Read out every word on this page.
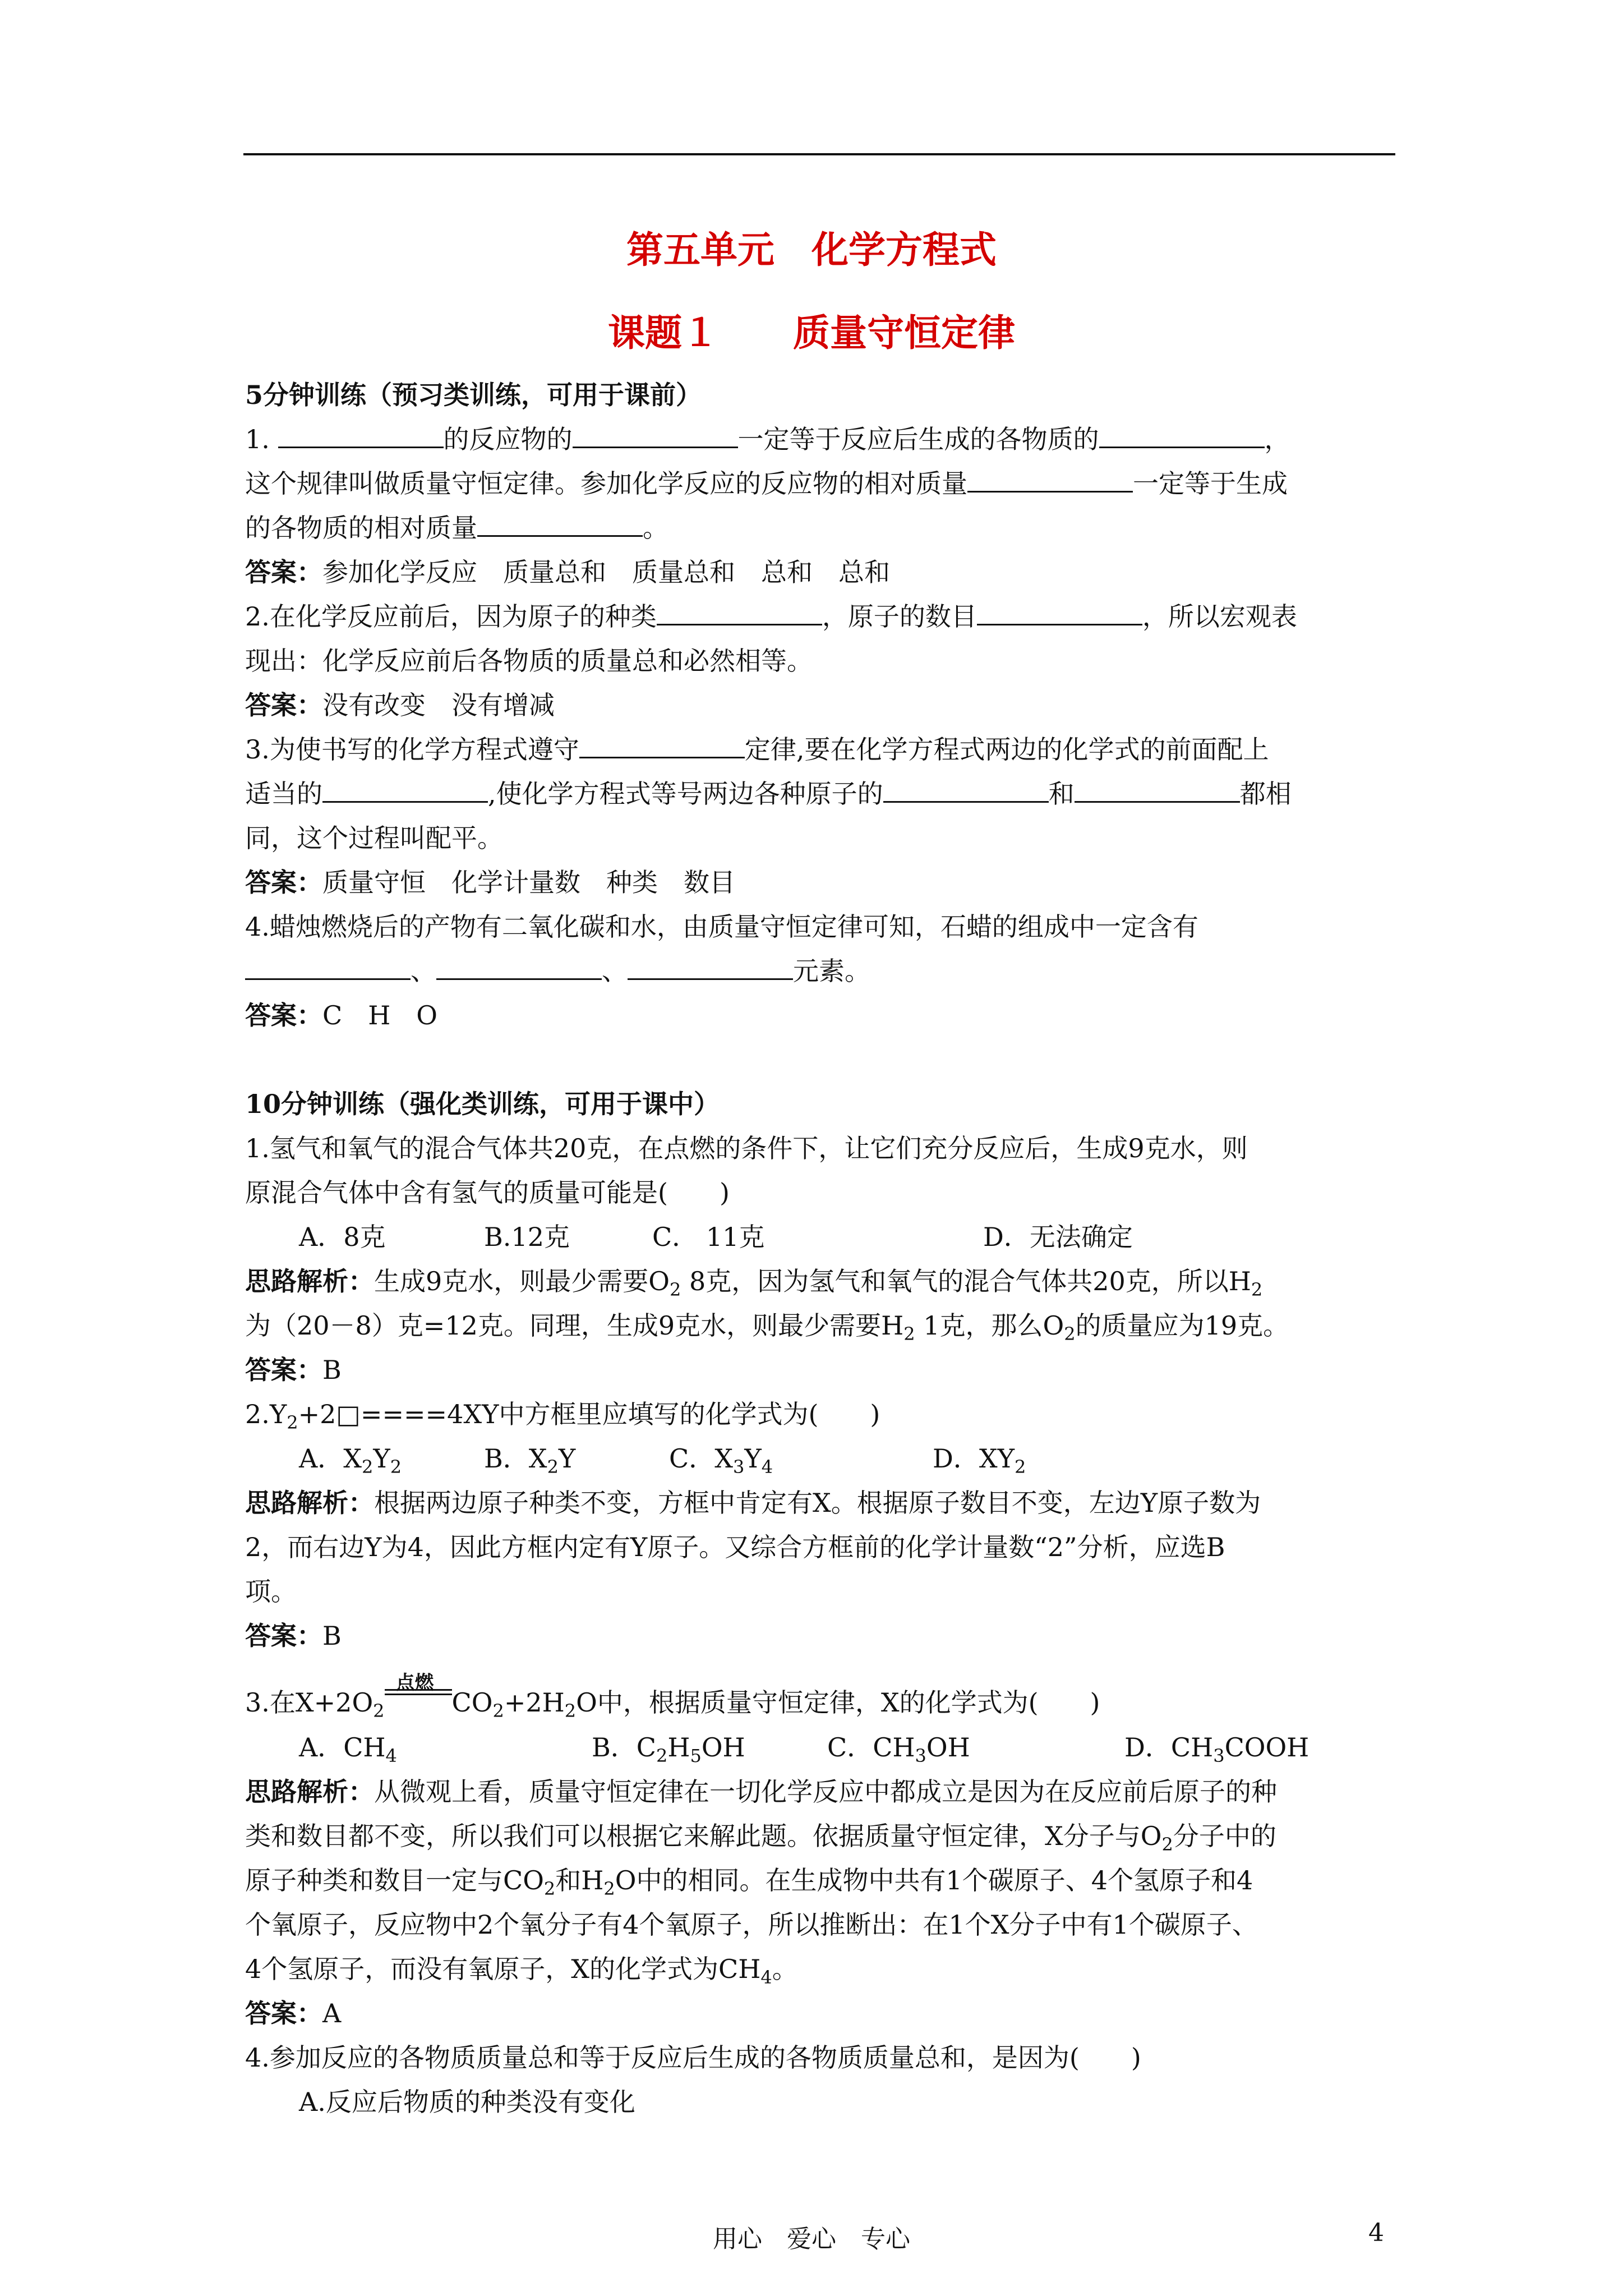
第五单元　化学方程式
课题１　　质量守恒定律
5分钟训练（预习类训练，可用于课前）
1.	的反应物的	一定等于反应后生成的各物质的	，
这个规律叫做质量守恒定律。参加化学反应的反应物的相对质量	一定等于生成
的各物质的相对质量	。
答案：参加化学反应　质量总和　质量总和　总和　总和
2.在化学反应前后，因为原子的种类	，原子的数目	，所以宏观表
现出：化学反应前后各物质的质量总和必然相等。
答案：没有改变　没有增减
3.为使书写的化学方程式遵守	定律,要在化学方程式两边的化学式的前面配上
适当的	,使化学方程式等号两边各种原子的	和	都相
同，这个过程叫配平。
答案：质量守恒　化学计量数　种类　数目
4.蜡烛燃烧后的产物有二氧化碳和水，由质量守恒定律可知，石蜡的组成中一定含有
、	、	元素。
答案：C　H　O
10分钟训练（强化类训练，可用于课中）
1.氢气和氧气的混合气体共20克，在点燃的条件下，让它们充分反应后，生成9克水，则
原混合气体中含有氢气的质量可能是(　　)
A．8克	B.12克	C． 11克	D．无法确定
思路解析：生成9克水，则最少需要$O_2$ 8克，因为氢气和氧气的混合气体共20克，所以$H_2$
为（20－8）克=12克。同理，生成9克水，则最少需要$H_2$ 1克，那么$O_2$的质量应为19克。
答案：B
$2.Y_2+2□====4XY$中方框里应填写的化学式为(　　)
A．$X_2Y_2$	B．$X_2Y$	C．$X_3Y_4$	D．$XY_2$
思路解析：根据两边原子种类不变，方框中肯定有X。根据原子数目不变，左边Y原子数为
2，而右边Y为4，因此方框内定有Y原子。又综合方框前的化学计量数“2”分析，应选B
项。
答案：B
3.在$X+2O_2$
点燃
$CO_2+2H_2O$中，根据质量守恒定律，X的化学式为(　　)
A．$CH_4$	B．$C_2H_5OH$	C．$CH_3OH$	D．$CH_3COOH$
思路解析：从微观上看，质量守恒定律在一切化学反应中都成立是因为在反应前后原子的种
类和数目都不变，所以我们可以根据它来解此题。依据质量守恒定律，X分子与$O_2$分子中的
原子种类和数目一定与$CO_2$和$H_2O$中的相同。在生成物中共有1个碳原子、4个氢原子和4
个氧原子，反应物中2个氧分子有4个氧原子，所以推断出：在1个X分子中有1个碳原子、
4个氢原子，而没有氧原子，X的化学式为$CH_4$。
答案：A
4.参加反应的各物质质量总和等于反应后生成的各物质质量总和，是因为(　　)
A.反应后物质的种类没有变化
用心　爱心　专心	4
